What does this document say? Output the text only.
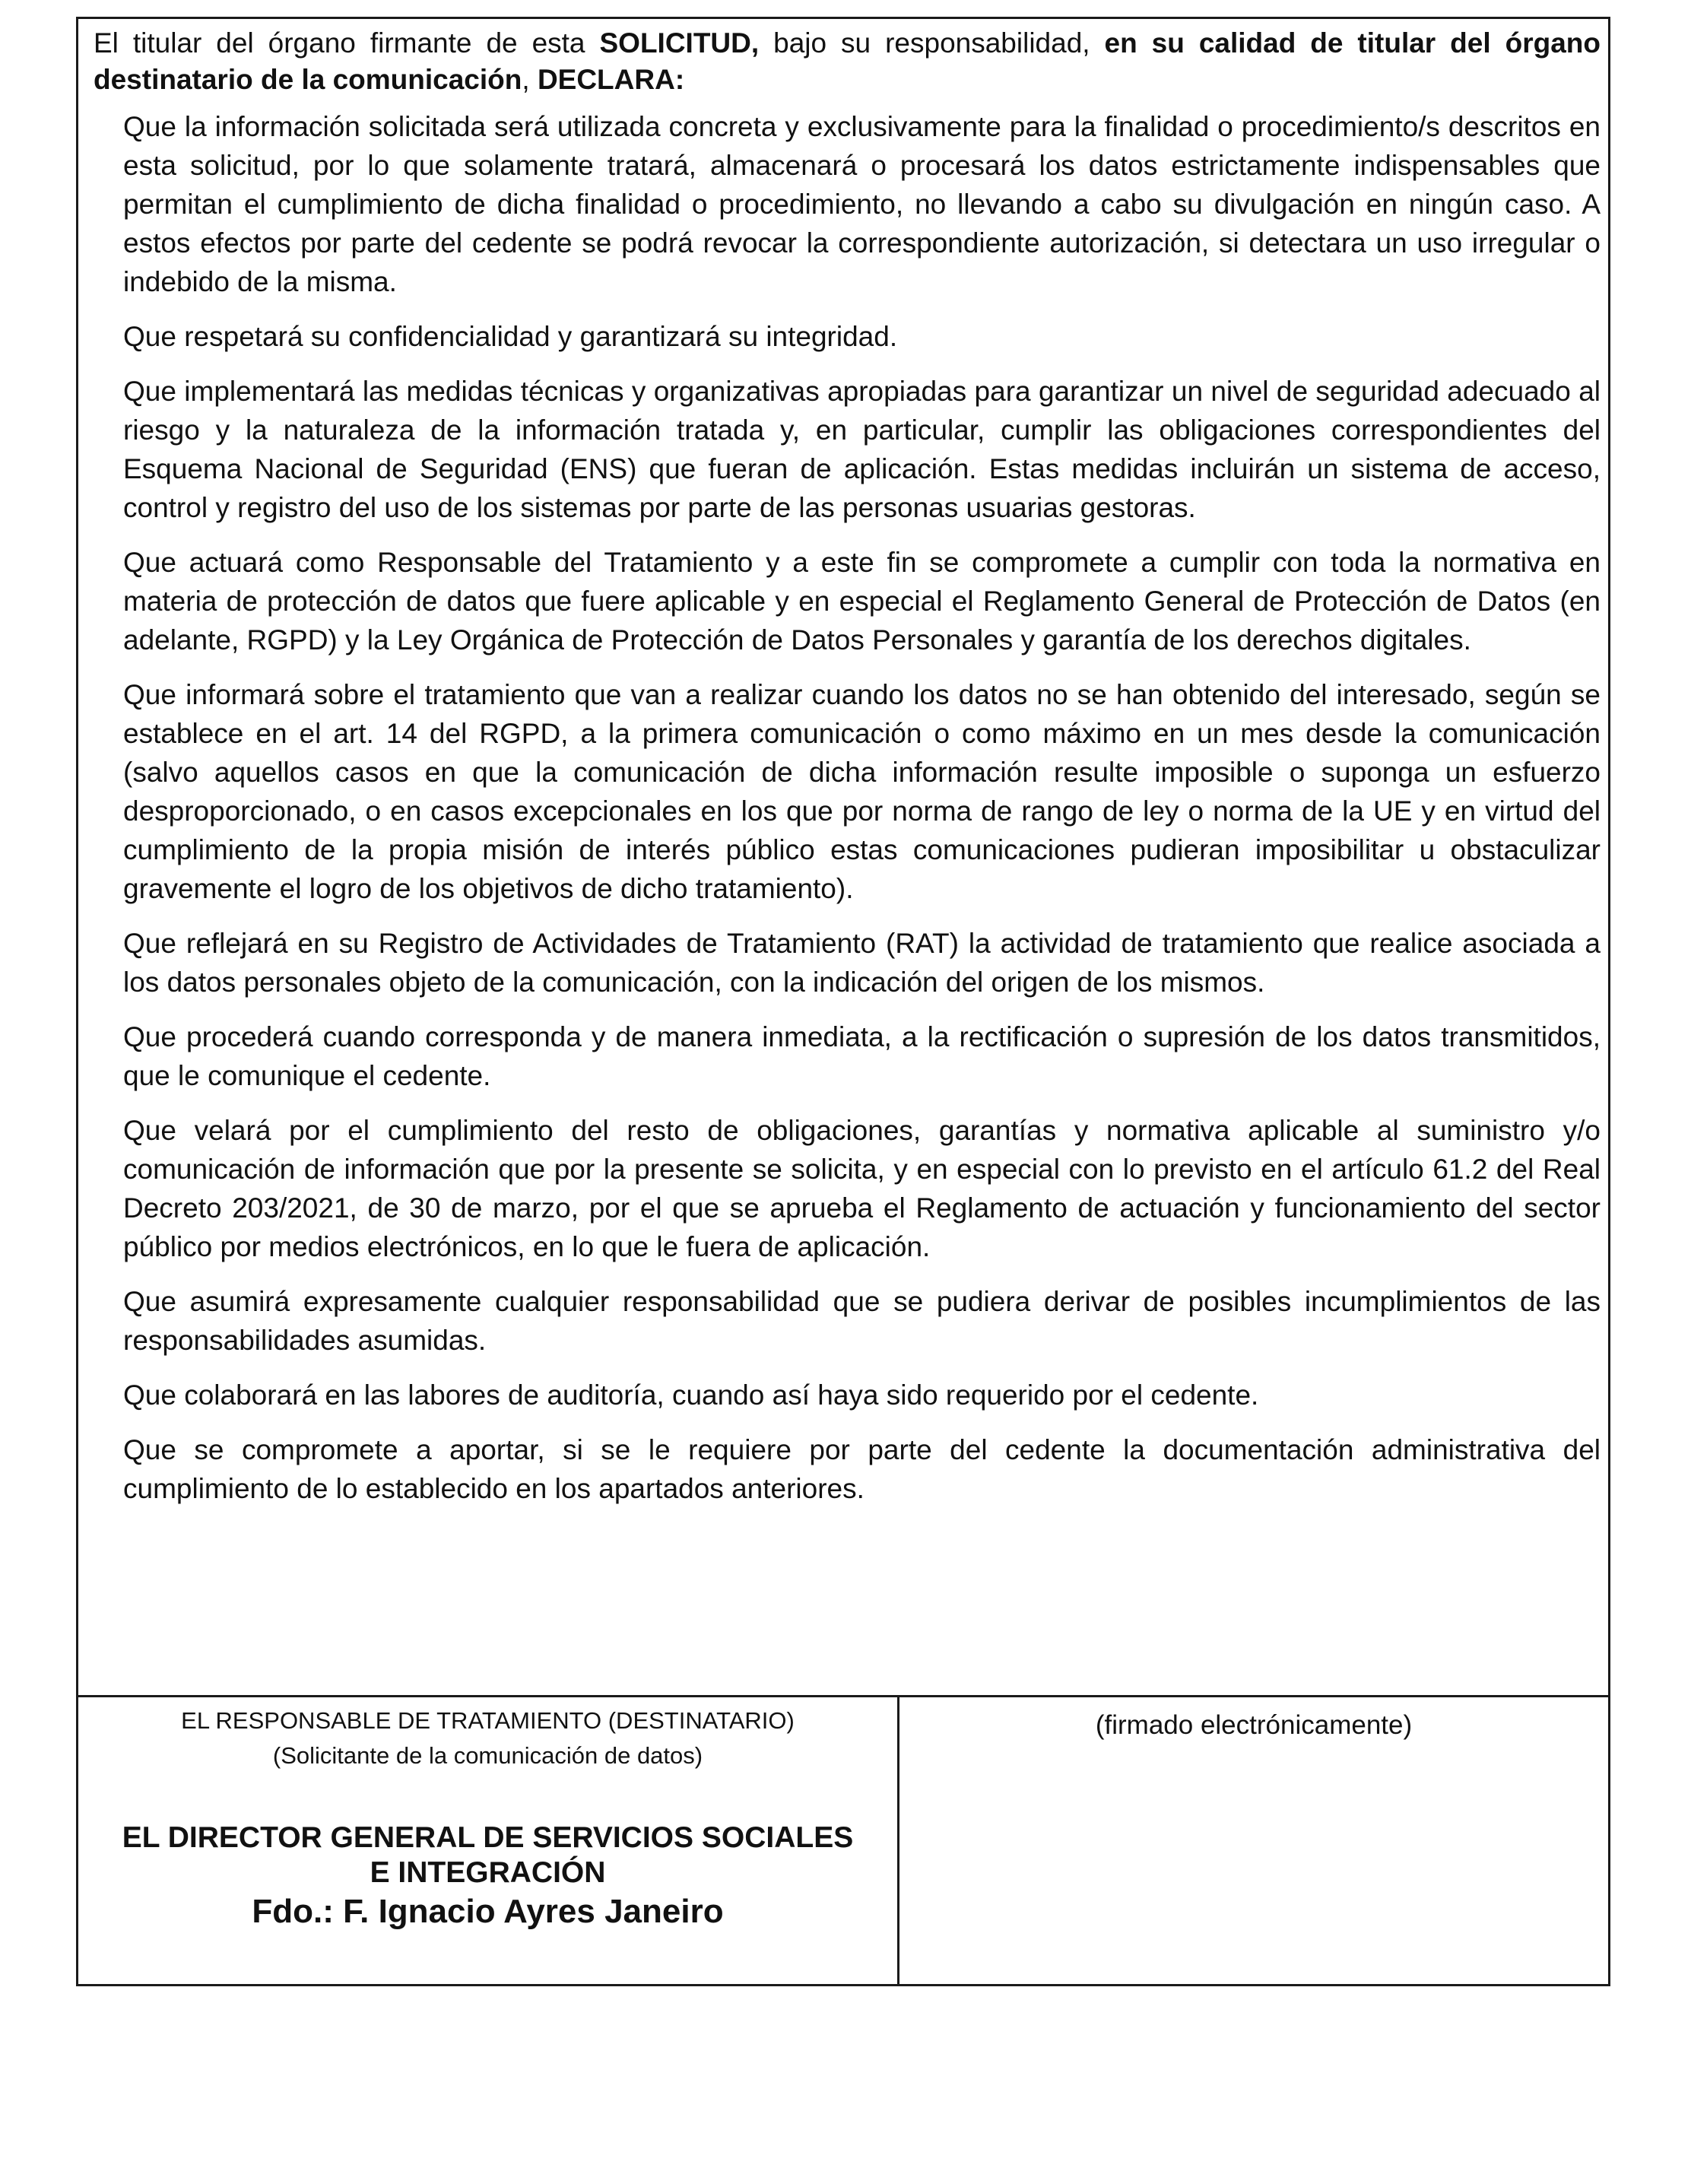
El titular del órgano firmante de esta SOLICITUD, bajo su responsabilidad, en su calidad de titular del órgano destinatario de la comunicación, DECLARA:

Que la información solicitada será utilizada concreta y exclusivamente para la finalidad o procedimiento/s descritos en esta solicitud, por lo que solamente tratará, almacenará o procesará los datos estrictamente indispensables que permitan el cumplimiento de dicha finalidad o procedimiento, no llevando a cabo su divulgación en ningún caso. A estos efectos por parte del cedente se podrá revocar la correspondiente autorización, si detectara un uso irregular o indebido de la misma.

Que respetará su confidencialidad y garantizará su integridad.

Que implementará las medidas técnicas y organizativas apropiadas para garantizar un nivel de seguridad adecuado al riesgo y la naturaleza de la información tratada y, en particular, cumplir las obligaciones correspondientes del Esquema Nacional de Seguridad (ENS) que fueran de aplicación. Estas medidas incluirán un sistema de acceso, control y registro del uso de los sistemas por parte de las personas usuarias gestoras.

Que actuará como Responsable del Tratamiento y a este fin se compromete a cumplir con toda la normativa en materia de protección de datos que fuere aplicable y en especial el Reglamento General de Protección de Datos (en adelante, RGPD) y la Ley Orgánica de Protección de Datos Personales y garantía de los derechos digitales.

Que informará sobre el tratamiento que van a realizar cuando los datos no se han obtenido del interesado, según se establece en el art. 14 del RGPD, a la primera comunicación o como máximo en un mes desde la comunicación (salvo aquellos casos en que la comunicación de dicha información resulte imposible o suponga un esfuerzo desproporcionado, o en casos excepcionales en los que por norma de rango de ley o norma de la UE y en virtud del cumplimiento de la propia misión de interés público estas comunicaciones pudieran imposibilitar u obstaculizar gravemente el logro de los objetivos de dicho tratamiento).

Que reflejará en su Registro de Actividades de Tratamiento (RAT) la actividad de tratamiento que realice asociada a los datos personales objeto de la comunicación, con la indicación del origen de los mismos.

Que procederá cuando corresponda y de manera inmediata, a la rectificación o supresión de los datos transmitidos, que le comunique el cedente.

Que velará por el cumplimiento del resto de obligaciones, garantías y normativa aplicable al suministro y/o comunicación de información que por la presente se solicita, y en especial con lo previsto en el artículo 61.2 del Real Decreto 203/2021, de 30 de marzo, por el que se aprueba el Reglamento de actuación y funcionamiento del sector público por medios electrónicos, en lo que le fuera de aplicación.

Que asumirá expresamente cualquier responsabilidad que se pudiera derivar de posibles incumplimientos de las responsabilidades asumidas.

Que colaborará en las labores de auditoría, cuando así haya sido requerido por el cedente.

Que se compromete a aportar, si se le requiere por parte del cedente la documentación administrativa del cumplimiento de lo establecido en los apartados anteriores.

EL RESPONSABLE DE TRATAMIENTO (DESTINATARIO)

(Solicitante de la comunicación de datos)

EL DIRECTOR GENERAL DE SERVICIOS SOCIALES
E INTEGRACIÓN

Fdo.: F. Ignacio Ayres Janeiro

(firmado electrónicamente)
